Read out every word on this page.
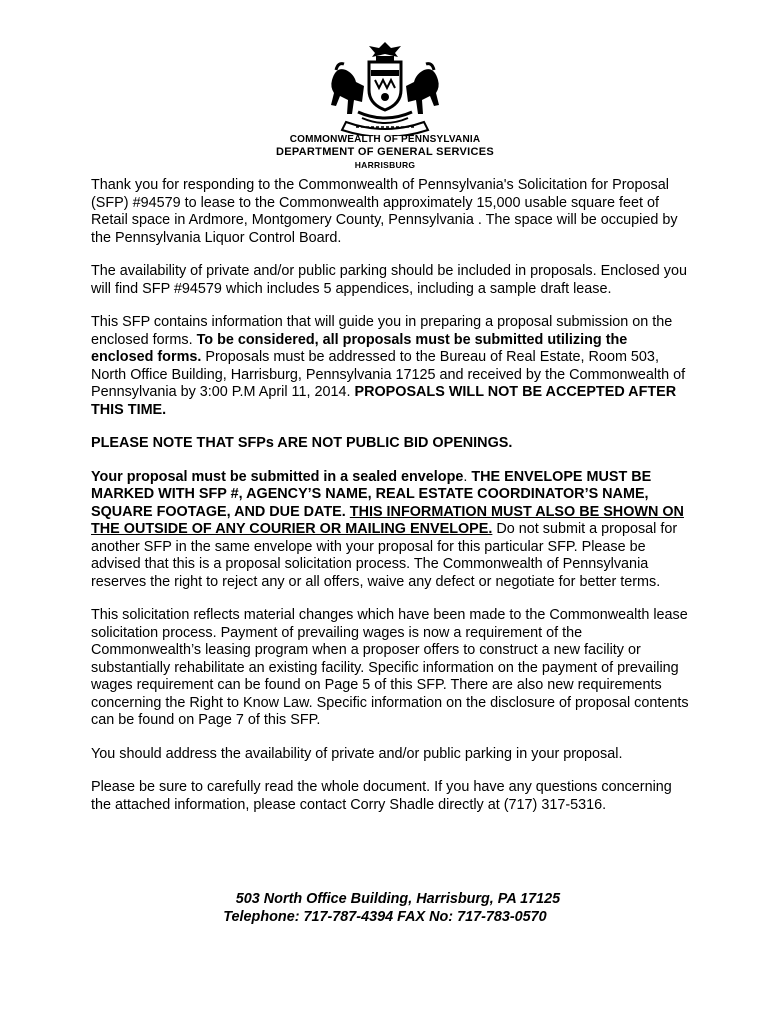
COMMONWEALTH OF PENNSYLVANIA
DEPARTMENT OF GENERAL SERVICES
HARRISBURG

Thank you for responding to the Commonwealth of Pennsylvania's Solicitation for Proposal (SFP) #94579 to lease to the Commonwealth approximately 15,000 usable square feet of Retail space in Ardmore, Montgomery County, Pennsylvania . The space will be occupied by the Pennsylvania Liquor Control Board.

The availability of private and/or public parking should be included in proposals. Enclosed you will find SFP #94579 which includes 5 appendices, including a sample draft lease.

This SFP contains information that will guide you in preparing a proposal submission on the enclosed forms. To be considered, all proposals must be submitted utilizing the enclosed forms. Proposals must be addressed to the Bureau of Real Estate, Room 503, North Office Building, Harrisburg, Pennsylvania 17125 and received by the Commonwealth of Pennsylvania by 3:00 P.M April 11, 2014. PROPOSALS WILL NOT BE ACCEPTED AFTER THIS TIME.

PLEASE NOTE THAT SFPs ARE NOT PUBLIC BID OPENINGS.

Your proposal must be submitted in a sealed envelope. THE ENVELOPE MUST BE MARKED WITH SFP #, AGENCY’S NAME, REAL ESTATE COORDINATOR’S NAME, SQUARE FOOTAGE, AND DUE DATE. THIS INFORMATION MUST ALSO BE SHOWN ON THE OUTSIDE OF ANY COURIER OR MAILING ENVELOPE. Do not submit a proposal for another SFP in the same envelope with your proposal for this particular SFP. Please be advised that this is a proposal solicitation process. The Commonwealth of Pennsylvania reserves the right to reject any or all offers, waive any defect or negotiate for better terms.

This solicitation reflects material changes which have been made to the Commonwealth lease solicitation process. Payment of prevailing wages is now a requirement of the Commonwealth’s leasing program when a proposer offers to construct a new facility or substantially rehabilitate an existing facility. Specific information on the payment of prevailing wages requirement can be found on Page 5 of this SFP. There are also new requirements concerning the Right to Know Law. Specific information on the disclosure of proposal contents can be found on Page 7 of this SFP.

You should address the availability of private and/or public parking in your proposal.

Please be sure to carefully read the whole document. If you have any questions concerning the attached information, please contact Corry Shadle directly at (717) 317-5316.

503 North Office Building, Harrisburg, PA 17125
Telephone: 717-787-4394 FAX No: 717-783-0570
